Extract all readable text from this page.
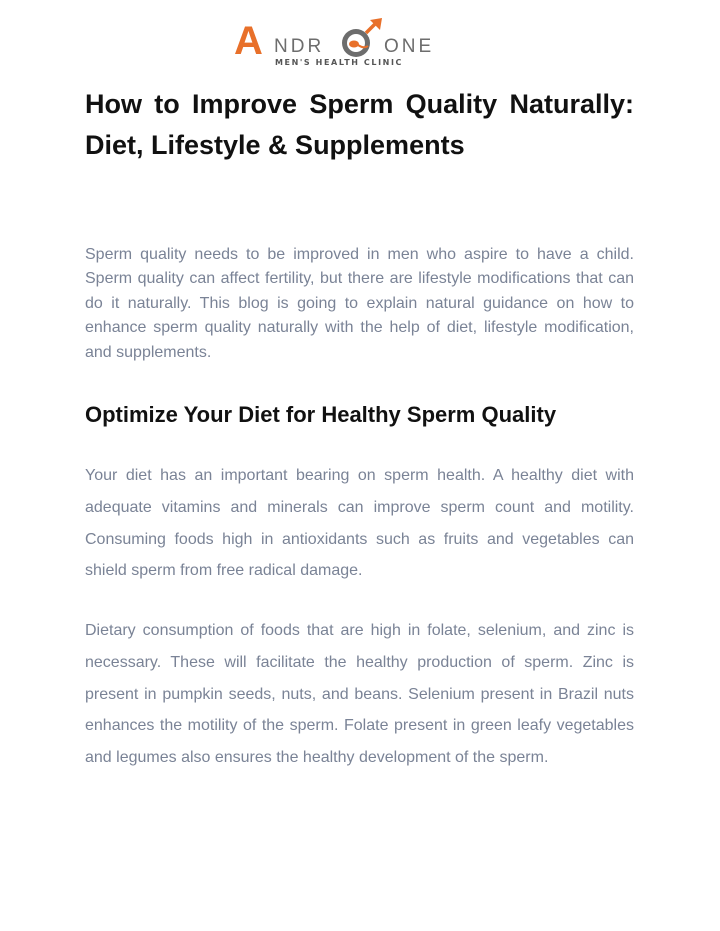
A NDR	ONE
MEN'S HEALTH CLINIC
How to Improve Sperm Quality Naturally: Diet, Lifestyle & Supplements

Sperm quality needs to be improved in men who aspire to have a child. Sperm quality can affect fertility, but there are lifestyle modifications that can do it naturally. This blog is going to explain natural guidance on how to enhance sperm quality naturally with the help of diet, lifestyle modification, and supplements.

Optimize Your Diet for Healthy Sperm Quality

Your diet has an important bearing on sperm health. A healthy diet with adequate vitamins and minerals can improve sperm count and motility. Consuming foods high in antioxidants such as fruits and vegetables can shield sperm from free radical damage.

Dietary consumption of foods that are high in folate, selenium, and zinc is necessary. These will facilitate the healthy production of sperm. Zinc is present in pumpkin seeds, nuts, and beans. Selenium present in Brazil nuts enhances the motility of the sperm. Folate present in green leafy vegetables and legumes also ensures the healthy development of the sperm.
